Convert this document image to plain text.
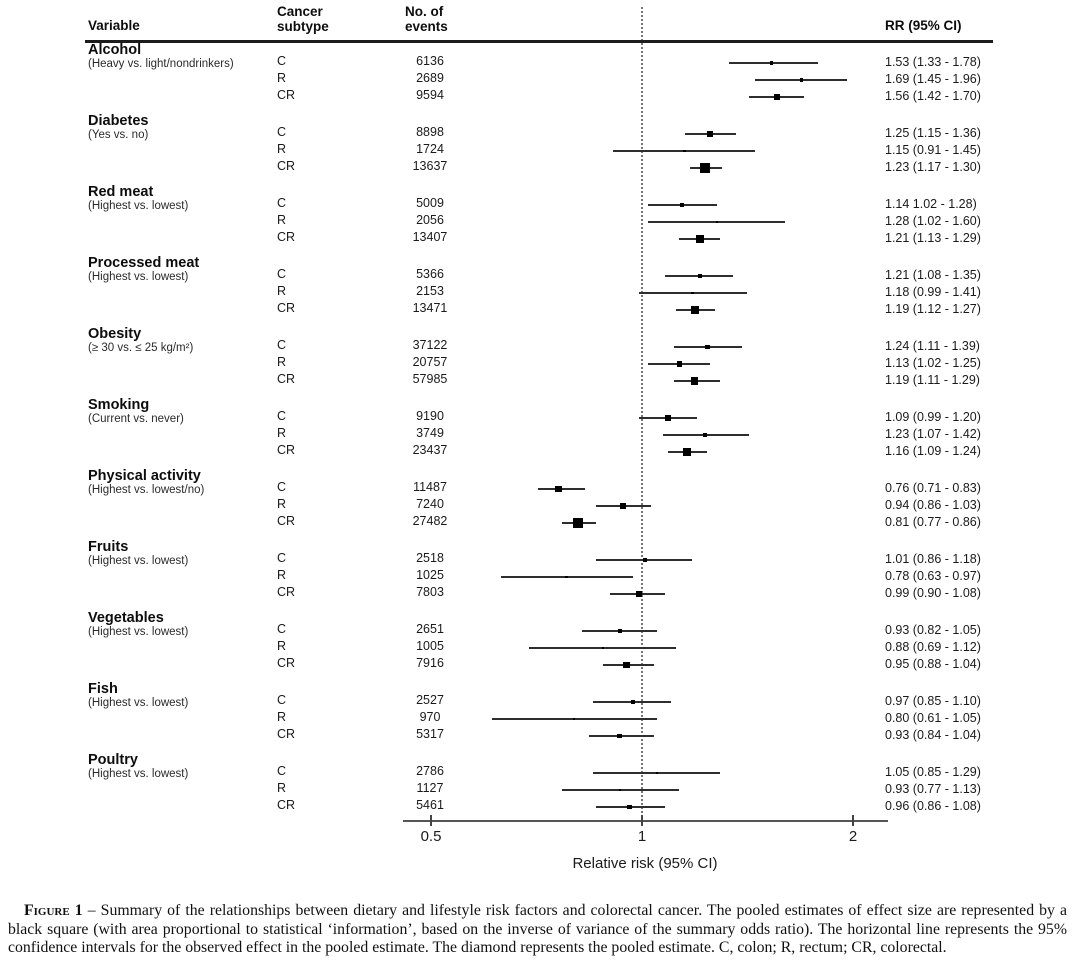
Variable
Cancer
subtype
No. of
events	RR (95% CI)
0.5	1	2
Alcohol
(Heavy vs. light/nondrinkers)	C	6136	1.53 (1.33 - 1.78)
R	2689	1.69 (1.45 - 1.96)
CR	9594	1.56 (1.42 - 1.70)
Diabetes
(Yes vs. no)	C	8898	1.25 (1.15 - 1.36)
R	1724	1.15 (0.91 - 1.45)
CR	13637	1.23 (1.17 - 1.30)
Red meat
(Highest vs. lowest)	C	5009	1.14 1.02 - 1.28)
R	2056	1.28 (1.02 - 1.60)
CR	13407	1.21 (1.13 - 1.29)
Processed meat
(Highest vs. lowest)	C	5366	1.21 (1.08 - 1.35)
R	2153	1.18 (0.99 - 1.41)
CR	13471	1.19 (1.12 - 1.27)
Obesity
(≥ 30 vs. ≤ 25 kg/m²)	C	37122	1.24 (1.11 - 1.39)
R	20757	1.13 (1.02 - 1.25)
CR	57985	1.19 (1.11 - 1.29)
Smoking
(Current vs. never)	C	9190	1.09 (0.99 - 1.20)
R	3749	1.23 (1.07 - 1.42)
CR	23437	1.16 (1.09 - 1.24)
Physical activity
(Highest vs. lowest/no)	C	11487	0.76 (0.71 - 0.83)
R	7240	0.94 (0.86 - 1.03)
CR	27482	0.81 (0.77 - 0.86)
Fruits
(Highest vs. lowest)	C	2518	1.01 (0.86 - 1.18)
R	1025	0.78 (0.63 - 0.97)
CR	7803	0.99 (0.90 - 1.08)
Vegetables
(Highest vs. lowest)	C	2651	0.93 (0.82 - 1.05)
R	1005	0.88 (0.69 - 1.12)
CR	7916	0.95 (0.88 - 1.04)
Fish
(Highest vs. lowest)	C	2527	0.97 (0.85 - 1.10)
R	970	0.80 (0.61 - 1.05)
CR	5317	0.93 (0.84 - 1.04)
Poultry
(Highest vs. lowest)	C	2786	1.05 (0.85 - 1.29)
R	1127	0.93 (0.77 - 1.13)
CR	5461	0.96 (0.86 - 1.08)
Relative risk (95% CI)
Figure 1 – Summary of the relationships between dietary and lifestyle risk factors and colorectal cancer. The pooled estimates of effect size are represented by a black square (with area proportional to statistical ‘information’, based on the inverse of variance of the summary odds ratio). The horizontal line represents the 95% confidence intervals for the observed effect in the pooled estimate. The diamond represents the pooled estimate. C, colon; R, rectum; CR, colorectal.
